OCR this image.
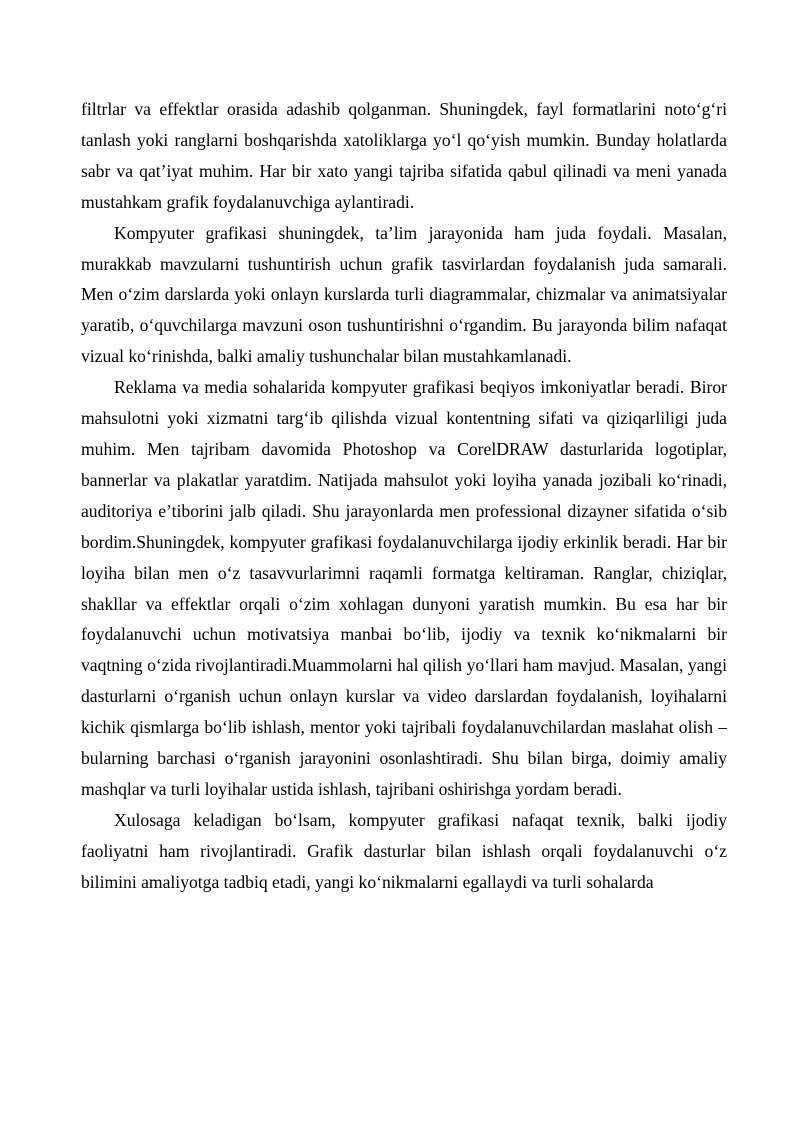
filtrlar va effektlar orasida adashib qolganman. Shuningdek, fayl formatlarini noto‘g‘ri tanlash yoki ranglarni boshqarishda xatoliklarga yo‘l qo‘yish mumkin. Bunday holatlarda sabr va qat’iyat muhim. Har bir xato yangi tajriba sifatida qabul qilinadi va meni yanada mustahkam grafik foydalanuvchiga aylantiradi.

Kompyuter grafikasi shuningdek, ta’lim jarayonida ham juda foydali. Masalan, murakkab mavzularni tushuntirish uchun grafik tasvirlardan foydalanish juda samarali. Men o‘zim darslarda yoki onlayn kurslarda turli diagrammalar, chizmalar va animatsiyalar yaratib, o‘quvchilarga mavzuni oson tushuntirishni o‘rgandim. Bu jarayonda bilim nafaqat vizual ko‘rinishda, balki amaliy tushunchalar bilan mustahkamlanadi.

Reklama va media sohalarida kompyuter grafikasi beqiyos imkoniyatlar beradi. Biror mahsulotni yoki xizmatni targ‘ib qilishda vizual kontentning sifati va qiziqarliligi juda muhim. Men tajribam davomida Photoshop va CorelDRAW dasturlarida logotiplar, bannerlar va plakatlar yaratdim. Natijada mahsulot yoki loyiha yanada jozibali ko‘rinadi, auditoriya e’tiborini jalb qiladi. Shu jarayonlarda men professional dizayner sifatida o‘sib bordim.Shuningdek, kompyuter grafikasi foydalanuvchilarga ijodiy erkinlik beradi. Har bir loyiha bilan men o‘z tasavvurlarimni raqamli formatga keltiraman. Ranglar, chiziqlar, shakllar va effektlar orqali o‘zim xohlagan dunyoni yaratish mumkin. Bu esa har bir foydalanuvchi uchun motivatsiya manbai bo‘lib, ijodiy va texnik ko‘nikmalarni bir vaqtning o‘zida rivojlantiradi.Muammolarni hal qilish yo‘llari ham mavjud. Masalan, yangi dasturlarni o‘rganish uchun onlayn kurslar va video darslardan foydalanish, loyihalarni kichik qismlarga bo‘lib ishlash, mentor yoki tajribali foydalanuvchilardan maslahat olish – bularning barchasi o‘rganish jarayonini osonlashtiradi. Shu bilan birga, doimiy amaliy mashqlar va turli loyihalar ustida ishlash, tajribani oshirishga yordam beradi.

Xulosaga keladigan bo‘lsam, kompyuter grafikasi nafaqat texnik, balki ijodiy faoliyatni ham rivojlantiradi. Grafik dasturlar bilan ishlash orqali foydalanuvchi o‘z bilimini amaliyotga tadbiq etadi, yangi ko‘nikmalarni egallaydi va turli sohalarda
